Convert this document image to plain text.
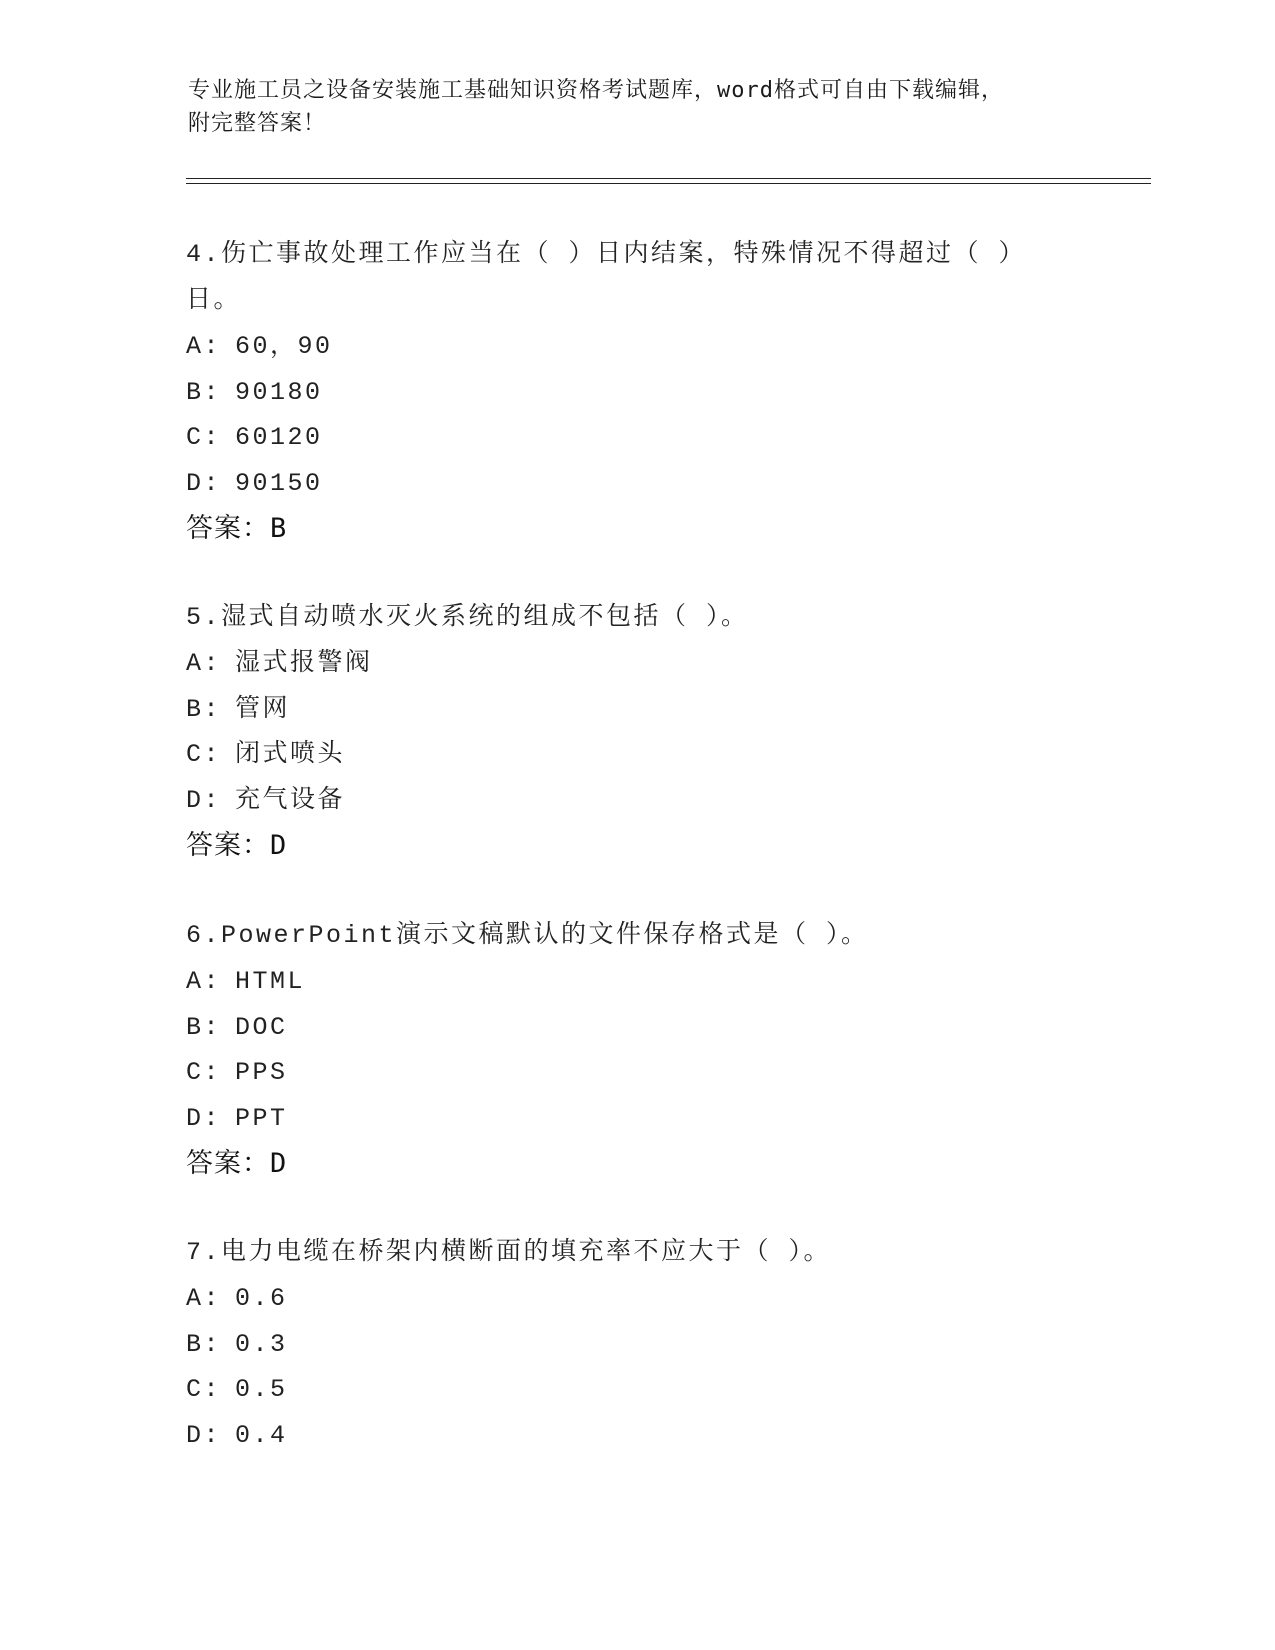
专业施工员之设备安装施工基础知识资格考试题库，word格式可自由下载编辑，
附完整答案！
4.伤亡事故处理工作应当在（ ）日内结案，特殊情况不得超过（ ）
日。
A: 60，90
B: 90180
C: 60120
D: 90150
答案：B
5.湿式自动喷水灭火系统的组成不包括（ ）。
A: 湿式报警阀
B: 管网
C: 闭式喷头
D: 充气设备
答案：D
6.PowerPoint演示文稿默认的文件保存格式是（ ）。
A: HTML
B: DOC
C: PPS
D: PPT
答案：D
7.电力电缆在桥架内横断面的填充率不应大于（ ）。
A: 0.6
B: 0.3
C: 0.5
D: 0.4
